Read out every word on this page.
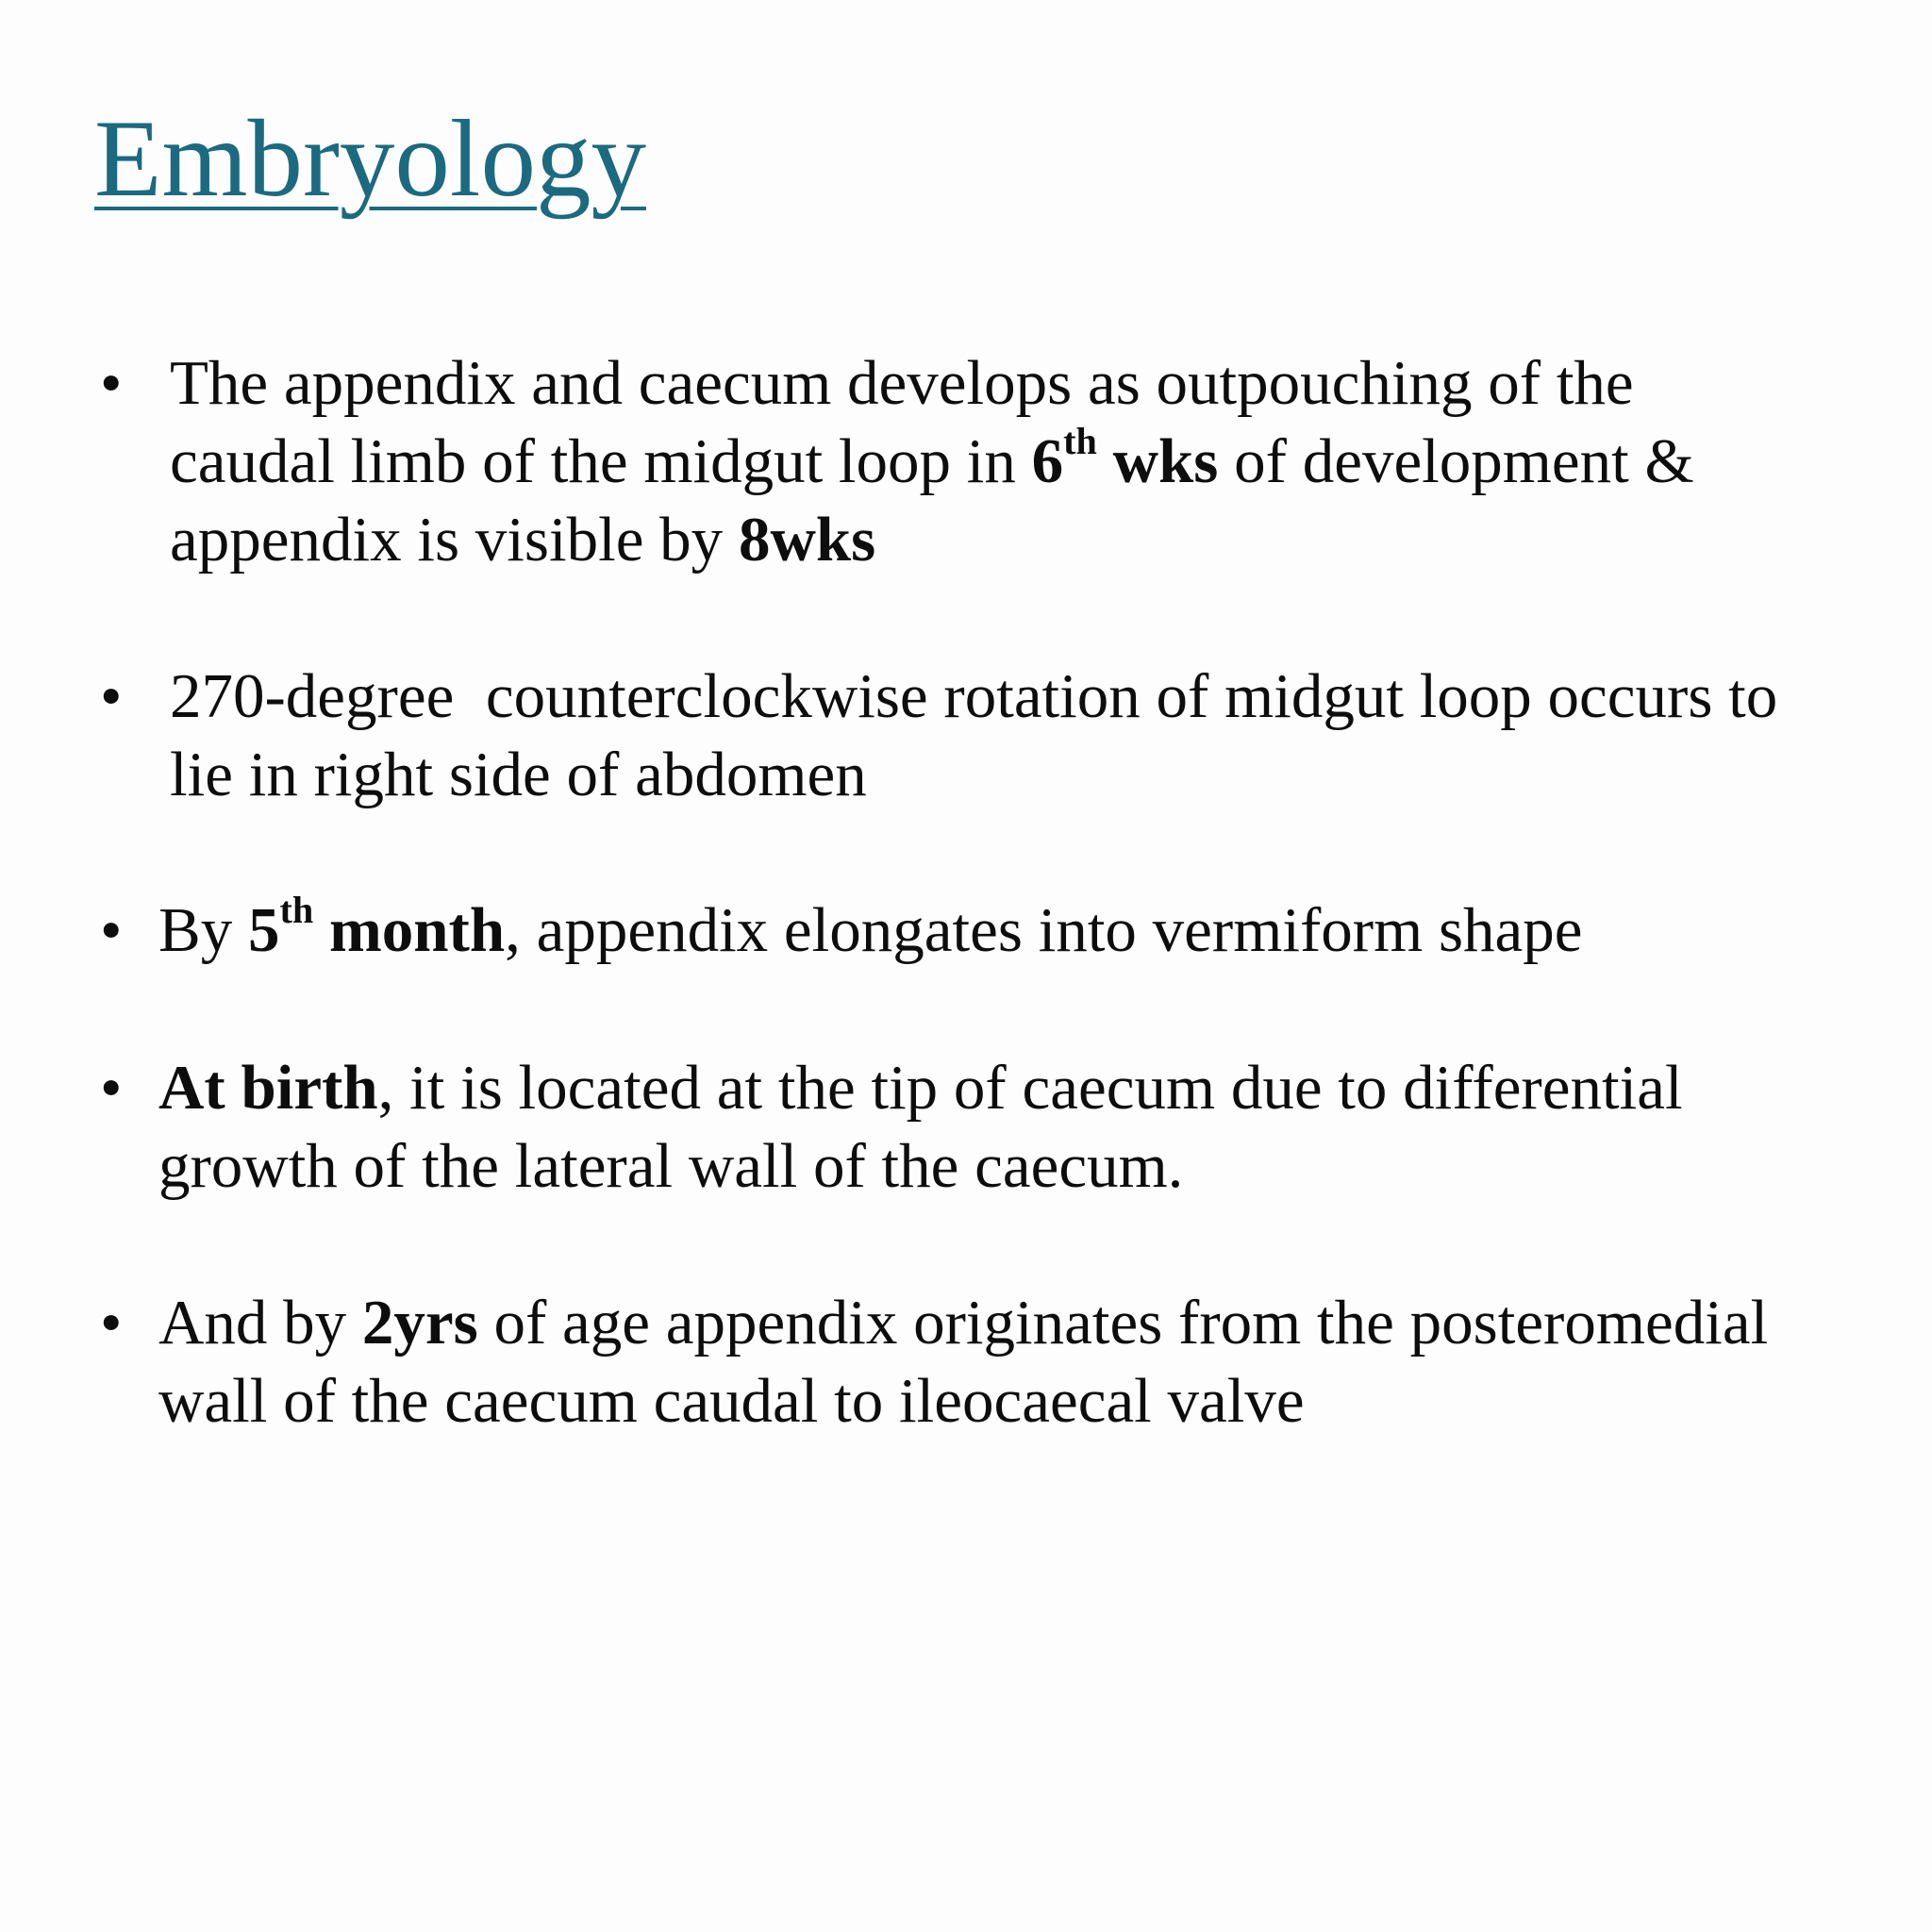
Embryology
• The appendix and caecum develops as outpouching of the
caudal limb of the midgut loop in 6th wks of development &
appendix is visible by 8wks
• 270-degree  counterclockwise rotation of midgut loop occurs to
lie in right side of abdomen
• By 5th month, appendix elongates into vermiform shape
• At birth, it is located at the tip of caecum due to differential
growth of the lateral wall of the caecum.
• And by 2yrs of age appendix originates from the posteromedial
wall of the caecum caudal to ileocaecal valve
